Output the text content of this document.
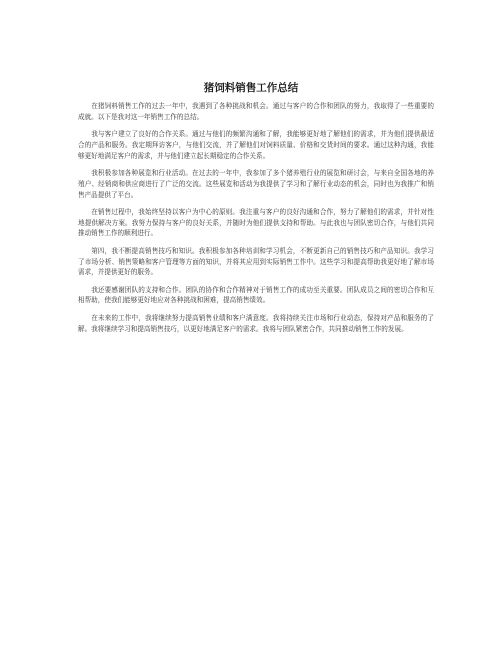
猪饲料销售工作总结

在猪饲料销售工作的过去一年中，我遇到了各种挑战和机会。通过与客户的合作和团队的努力，我取得了一些重要的成就。以下是我对这一年销售工作的总结。

我与客户建立了良好的合作关系。通过与他们的频繁沟通和了解，我能够更好地了解他们的需求，并为他们提供最适合的产品和服务。我定期拜访客户，与他们交流，并了解他们对饲料质量、价格和交货时间的要求。通过这种沟通，我能够更好地满足客户的需求，并与他们建立起长期稳定的合作关系。

我积极参加各种展览和行业活动。在过去的一年中，我参加了多个猪养殖行业的展览和研讨会，与来自全国各地的养殖户、经销商和供应商进行了广泛的交流。这些展览和活动为我提供了学习和了解行业动态的机会，同时也为我推广和销售产品提供了平台。

在销售过程中，我始终坚持以客户为中心的原则。我注重与客户的良好沟通和合作，努力了解他们的需求，并针对性地提供解决方案。我努力保持与客户的良好关系，并随时为他们提供支持和帮助。与此我也与团队密切合作，与他们共同推动销售工作的顺利进行。

第四，我不断提高销售技巧和知识。我积极参加各种培训和学习机会，不断更新自己的销售技巧和产品知识。我学习了市场分析、销售策略和客户管理等方面的知识，并将其应用到实际销售工作中。这些学习和提高帮助我更好地了解市场需求，并提供更好的服务。

我还要感谢团队的支持和合作。团队的协作和合作精神对于销售工作的成功至关重要。团队成员之间的密切合作和互相帮助，使我们能够更好地应对各种挑战和困难，提高销售绩效。

在未来的工作中，我将继续努力提高销售业绩和客户满意度。我将持续关注市场和行业动态，保持对产品和服务的了解。我将继续学习和提高销售技巧，以更好地满足客户的需求。我将与团队紧密合作，共同推动销售工作的发展。
